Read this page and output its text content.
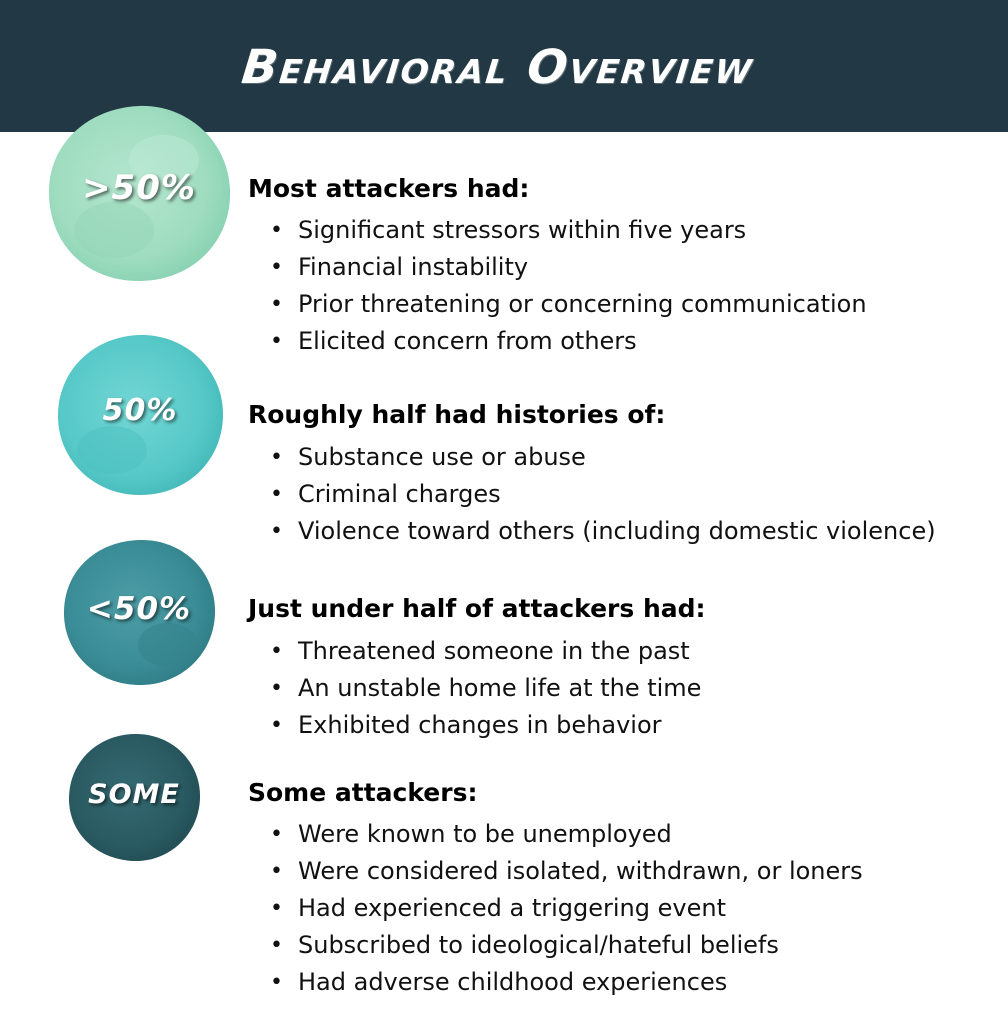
Behavioral Overview
>50%
50%
<50%
SOME
Most attackers had:
• Significant stressors within five years
• Financial instability
• Prior threatening or concerning communication
• Elicited concern from others
Roughly half had histories of:
• Substance use or abuse
• Criminal charges
• Violence toward others (including domestic violence)
Just under half of attackers had:
• Threatened someone in the past
• An unstable home life at the time
• Exhibited changes in behavior
Some attackers:
• Were known to be unemployed
• Were considered isolated, withdrawn, or loners
• Had experienced a triggering event
• Subscribed to ideological/hateful beliefs
• Had adverse childhood experiences
